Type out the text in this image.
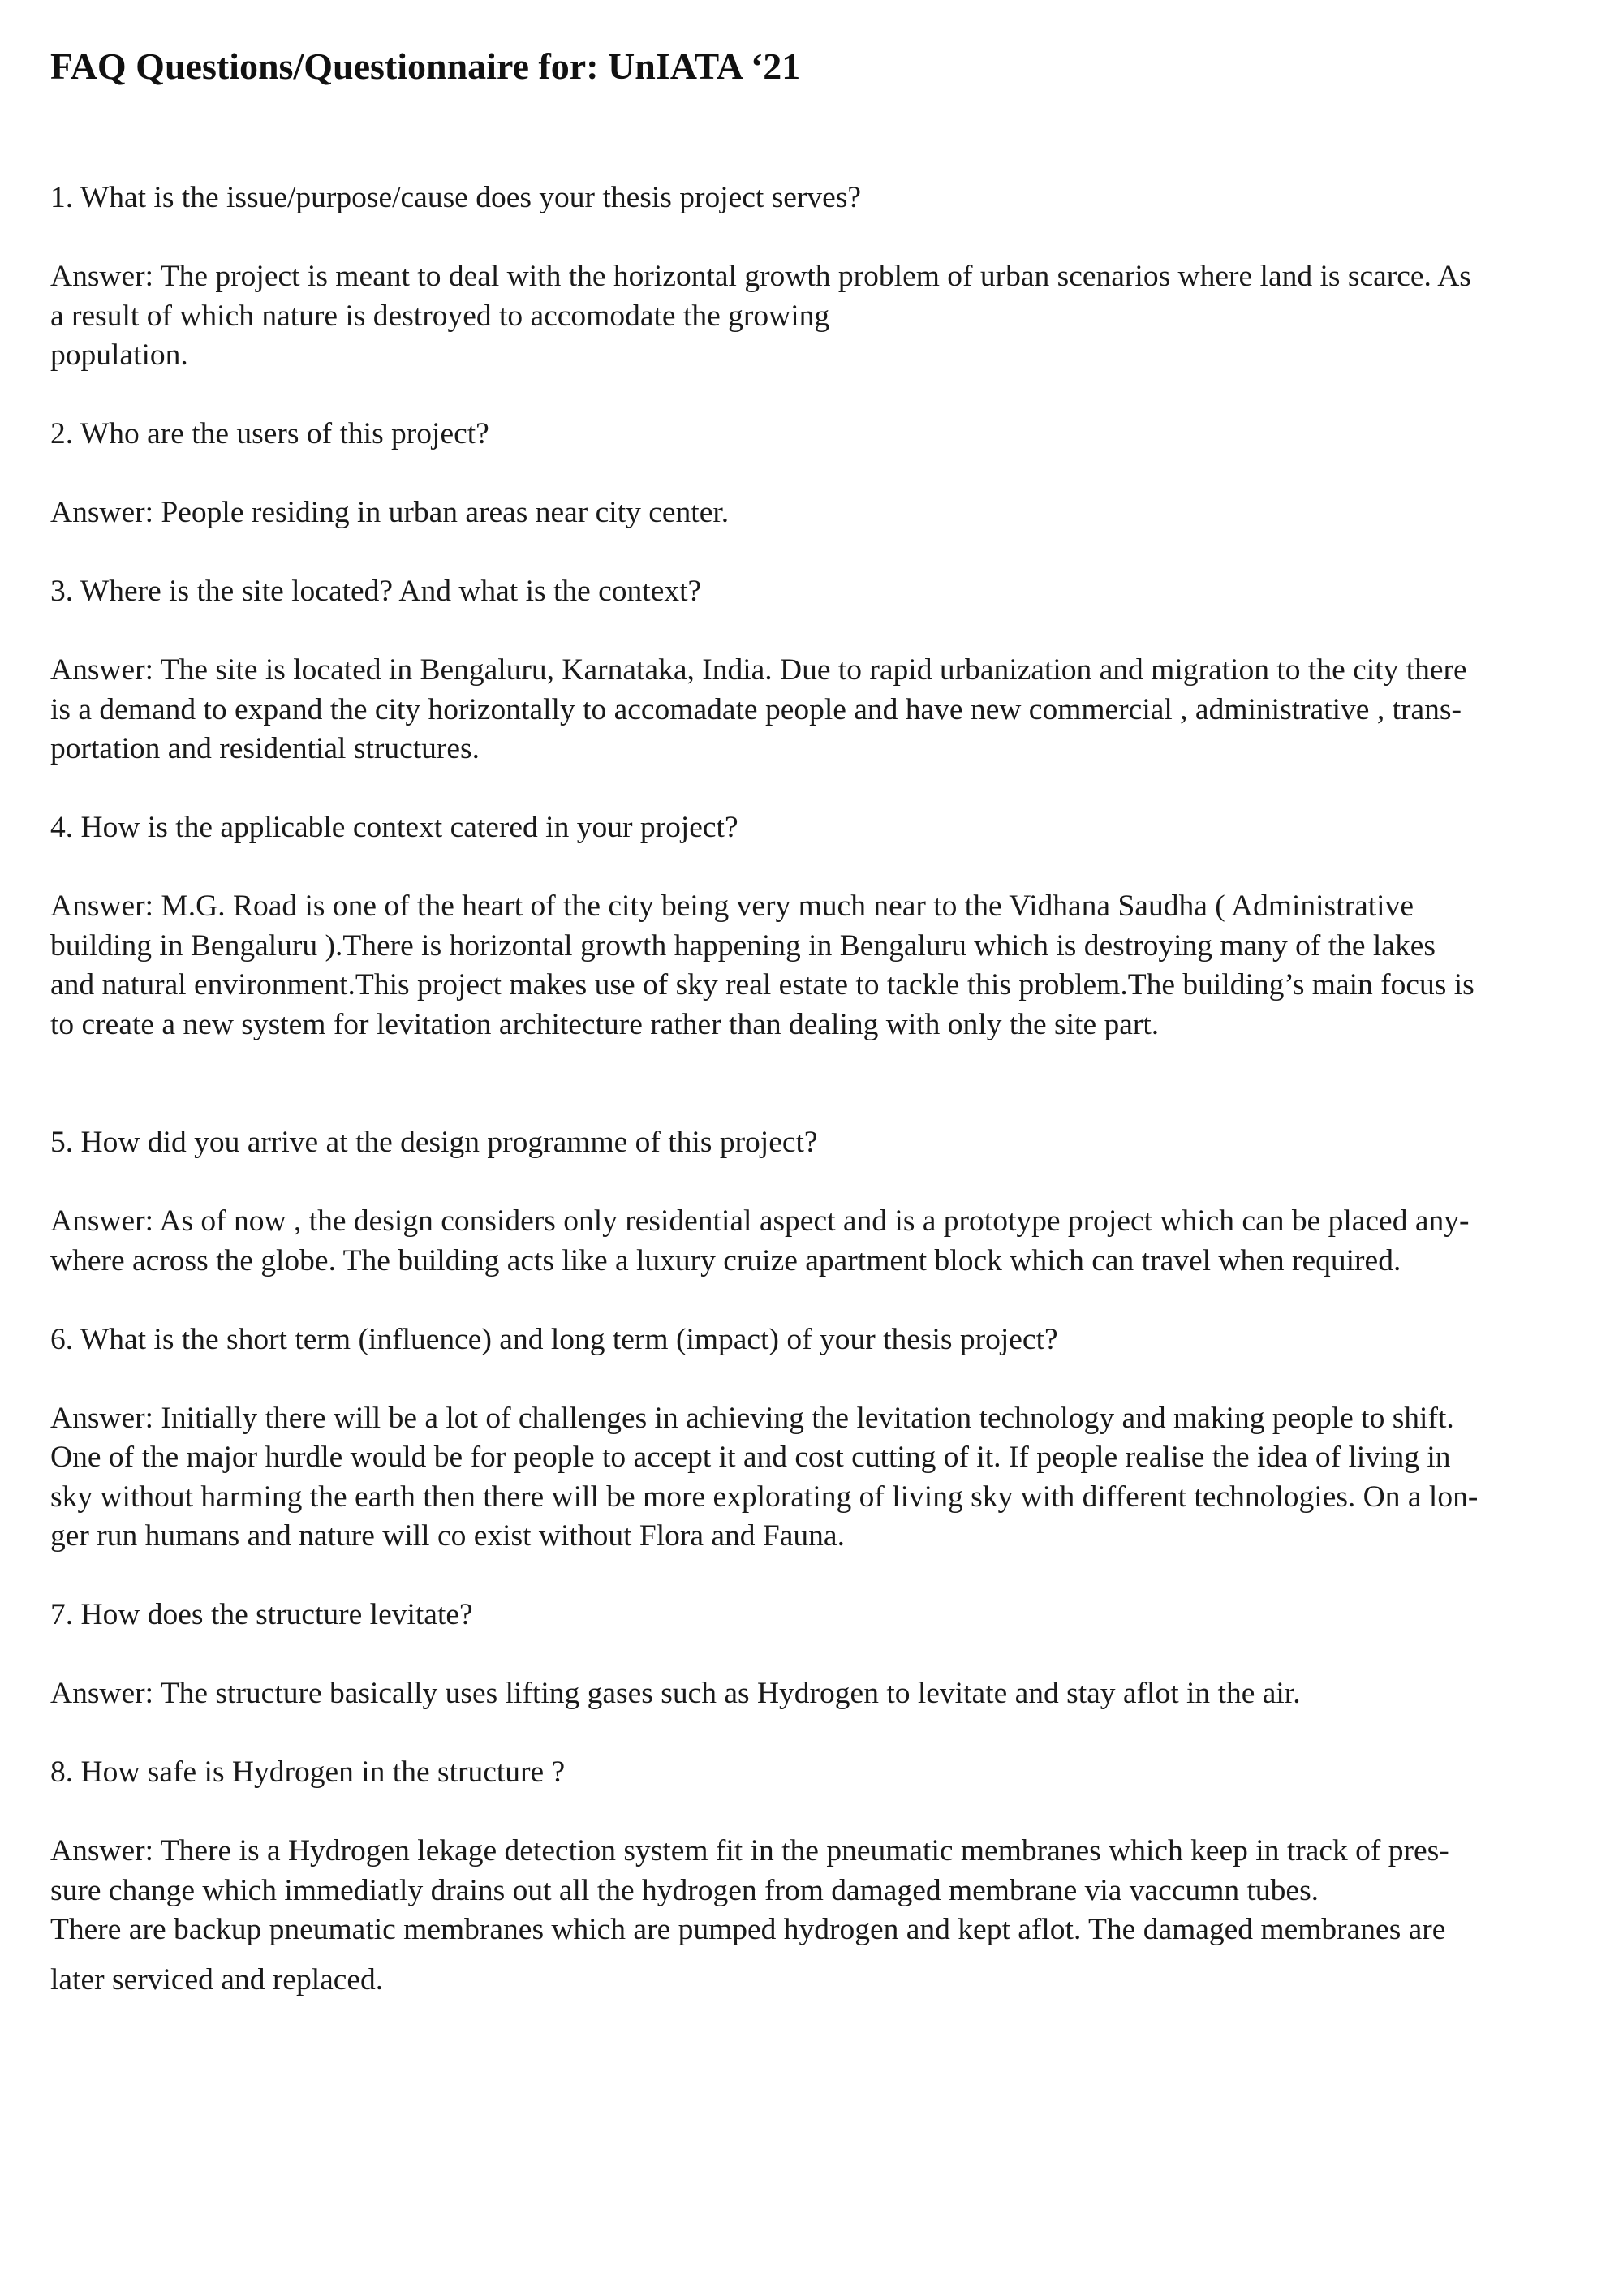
FAQ Questions/Questionnaire for: UnIATA ‘21

1. What is the issue/purpose/cause does your thesis project serves?

Answer: The project is meant to deal with the horizontal growth problem of urban scenarios where land is scarce. As
a result of which nature is destroyed to accomodate the growing
population.

2. Who are the users of this project?

Answer: People residing in urban areas near city center.

3. Where is the site located? And what is the context?

Answer: The site is located in Bengaluru, Karnataka, India. Due to rapid urbanization and migration to the city there
is a demand to expand the city horizontally to accomadate people and have new commercial , administrative , trans-
portation and residential structures.

4. How is the applicable context catered in your project?

Answer: M.G. Road is one of the heart of the city being very much near to the Vidhana Saudha ( Administrative
building in Bengaluru ).There is horizontal growth happening in Bengaluru which is destroying many of the lakes
and natural environment.This project makes use of sky real estate to tackle this problem.The building’s main focus is
to create a new system for levitation architecture rather than dealing with only the site part.

5. How did you arrive at the design programme of this project?

Answer: As of now , the design considers only residential aspect and is a prototype project which can be placed any-
where across the globe. The building acts like a luxury cruize apartment block which can travel when required.

6. What is the short term (influence) and long term (impact) of your thesis project?

Answer: Initially there will be a lot of challenges in achieving the levitation technology and making people to shift.
One of the major hurdle would be for people to accept it and cost cutting of it. If people realise the idea of living in
sky without harming the earth then there will be more explorating of living sky with different technologies. On a lon-
ger run humans and nature will co exist without Flora and Fauna.

7. How does the structure levitate?

Answer: The structure basically uses lifting gases such as Hydrogen to levitate and stay aflot in the air.

8. How safe is Hydrogen in the structure ?

Answer: There is a Hydrogen lekage detection system fit in the pneumatic membranes which keep in track of pres-
sure change which immediatly drains out all the hydrogen from damaged membrane via vaccumn tubes.
There are backup pneumatic membranes which are pumped hydrogen and kept aflot. The damaged membranes are

later serviced and replaced.
